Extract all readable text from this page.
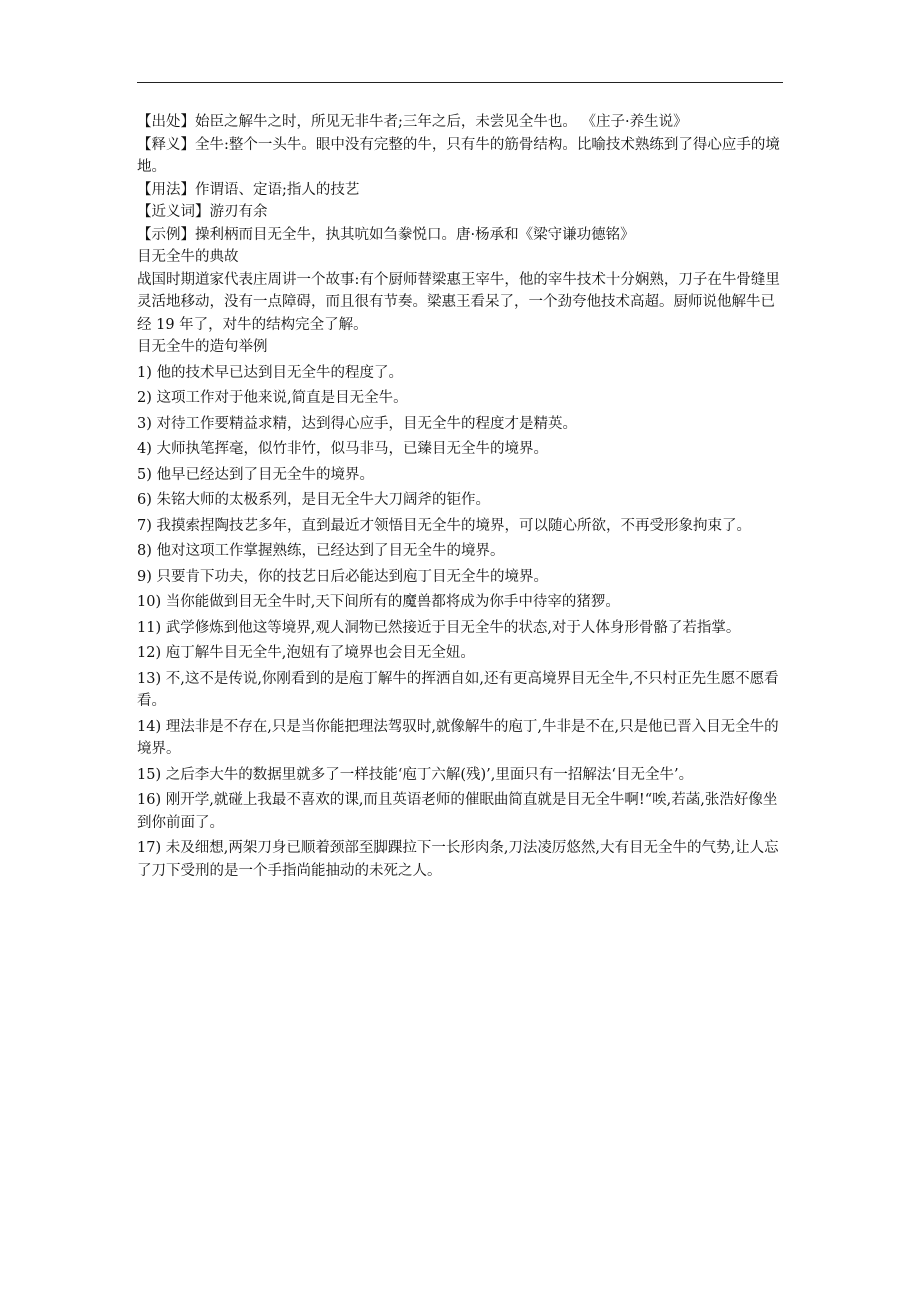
【出处】始臣之解牛之时，所见无非牛者;三年之后，未尝见全牛也。 《庄子·养生说》

【释义】全牛:整个一头牛。眼中没有完整的牛，只有牛的筋骨结构。比喻技术熟练到了得心应手的境地。

【用法】作谓语、定语;指人的技艺

【近义词】游刃有余

【示例】操利柄而目无全牛，执其吭如刍豢悦口。唐·杨承和《梁守谦功德铭》

目无全牛的典故

战国时期道家代表庄周讲一个故事:有个厨师替梁惠王宰牛，他的宰牛技术十分娴熟，刀子在牛骨缝里灵活地移动，没有一点障碍，而且很有节奏。梁惠王看呆了，一个劲夸他技术高超。厨师说他解牛已经 19 年了，对牛的结构完全了解。

目无全牛的造句举例

1) 他的技术早已达到目无全牛的程度了。

2) 这项工作对于他来说,简直是目无全牛。

3) 对待工作要精益求精，达到得心应手，目无全牛的程度才是精英。

4) 大师执笔挥毫，似竹非竹，似马非马，已臻目无全牛的境界。

5) 他早已经达到了目无全牛的境界。

6) 朱铭大师的太极系列，是目无全牛大刀阔斧的钜作。

7) 我摸索捏陶技艺多年，直到最近才领悟目无全牛的境界，可以随心所欲，不再受形象拘束了。

8) 他对这项工作掌握熟练，已经达到了目无全牛的境界。

9) 只要肯下功夫，你的技艺日后必能达到庖丁目无全牛的境界。

10) 当你能做到目无全牛时,天下间所有的魔兽都将成为你手中待宰的猪猡。

11) 武学修炼到他这等境界,观人洞物已然接近于目无全牛的状态,对于人体身形骨骼了若指掌。

12) 庖丁解牛目无全牛,泡妞有了境界也会目无全妞。

13) 不,这不是传说,你刚看到的是庖丁解牛的挥洒自如,还有更高境界目无全牛,不只村正先生愿不愿看看。

14) 理法非是不存在,只是当你能把理法驾驭时,就像解牛的庖丁,牛非是不在,只是他已晋入目无全牛的境界。

15) 之后李大牛的数据里就多了一样技能‘庖丁六解(残)’,里面只有一招解法‘目无全牛’。

16) 刚开学,就碰上我最不喜欢的课,而且英语老师的催眠曲简直就是目无全牛啊!“唉,若菡,张浩好像坐到你前面了。

17) 未及细想,两架刀身已顺着颈部至脚踝拉下一长形肉条,刀法凌厉悠然,大有目无全牛的气势,让人忘了刀下受刑的是一个手指尚能抽动的未死之人。
